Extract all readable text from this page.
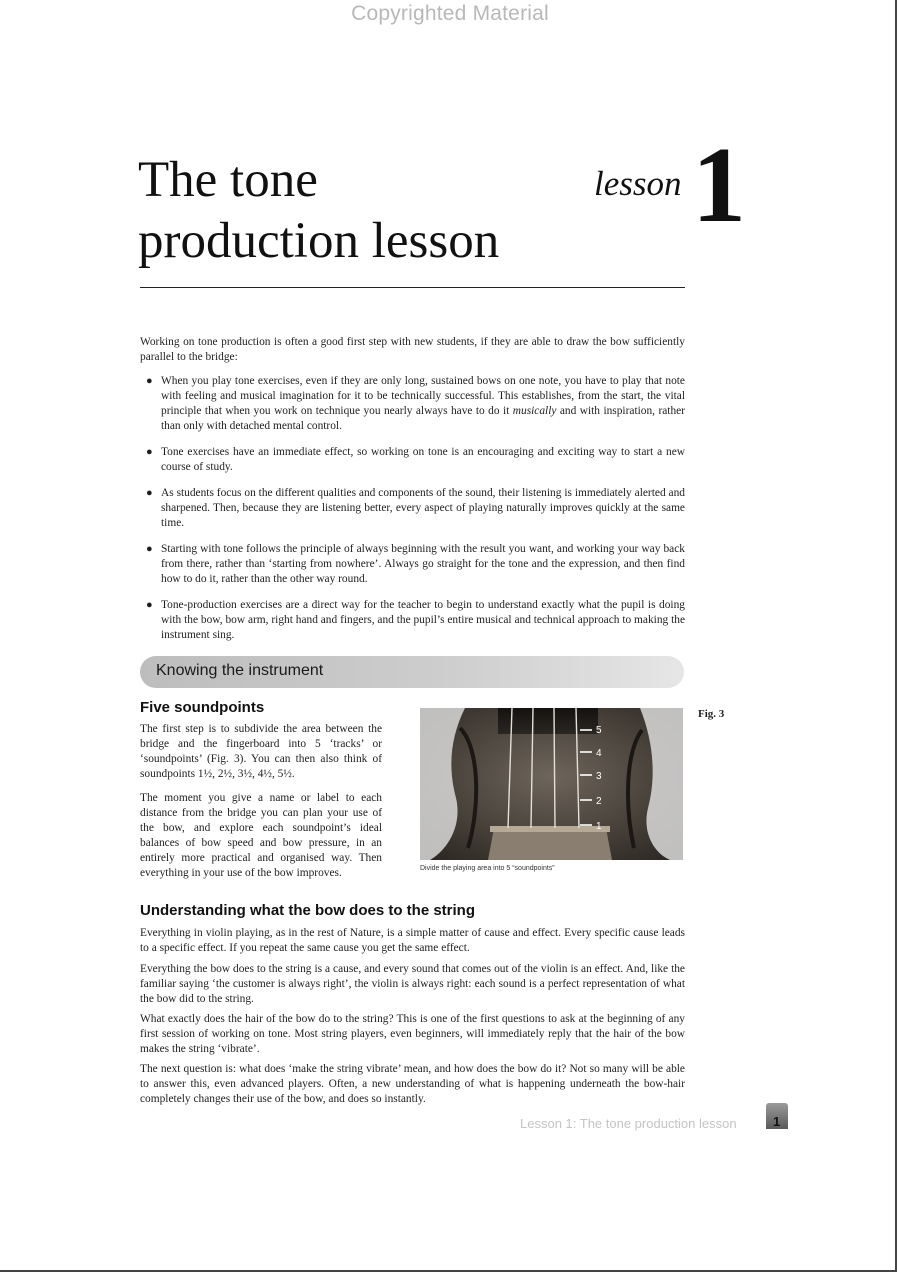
Copyrighted Material
The tone
production lesson
lesson 1

Working on tone production is often a good first step with new students, if they are able to draw the bow sufficiently parallel to the bridge:

● When you play tone exercises, even if they are only long, sustained bows on one note, you have to play that note with feeling and musical imagination for it to be technically successful. This establishes, from the start, the vital principle that when you work on technique you nearly always have to do it musically and with inspiration, rather than only with detached mental control.
● Tone exercises have an immediate effect, so working on tone is an encouraging and exciting way to start a new course of study.
● As students focus on the different qualities and components of the sound, their listening is immediately alerted and sharpened. Then, because they are listening better, every aspect of playing naturally improves quickly at the same time.
● Starting with tone follows the principle of always beginning with the result you want, and working your way back from there, rather than ‘starting from nowhere’. Always go straight for the tone and the expression, and then find how to do it, rather than the other way round.
● Tone-production exercises are a direct way for the teacher to begin to understand exactly what the pupil is doing with the bow, bow arm, right hand and fingers, and the pupil’s entire musical and technical approach to making the instrument sing.
Knowing the instrument
Five soundpoints

The first step is to subdivide the area between the bridge and the fingerboard into 5 ‘tracks’ or ‘soundpoints’ (Fig. 3). You can then also think of soundpoints 1½, 2½, 3½, 4½, 5½.

The moment you give a name or label to each distance from the bridge you can plan your use of the bow, and explore each soundpoint’s ideal balances of bow speed and bow pressure, in an entirely more practical and organised way. Then everything in your use of the bow improves.

5
4
3
2
1
Fig. 3
Divide the playing area into 5 “soundpoints”
Understanding what the bow does to the string

Everything in violin playing, as in the rest of Nature, is a simple matter of cause and effect. Every specific cause leads to a specific effect. If you repeat the same cause you get the same effect.

Everything the bow does to the string is a cause, and every sound that comes out of the violin is an effect. And, like the familiar saying ‘the customer is always right’, the violin is always right: each sound is a perfect representation of what the bow did to the string.

What exactly does the hair of the bow do to the string? This is one of the first questions to ask at the beginning of any first session of working on tone. Most string players, even beginners, will immediately reply that the hair of the bow makes the string ‘vibrate’.

The next question is: what does ‘make the string vibrate’ mean, and how does the bow do it? Not so many will be able to answer this, even advanced players. Often, a new understanding of what is happening underneath the bow-hair completely changes their use of the bow, and does so instantly.

Lesson 1: The tone production lesson	1
